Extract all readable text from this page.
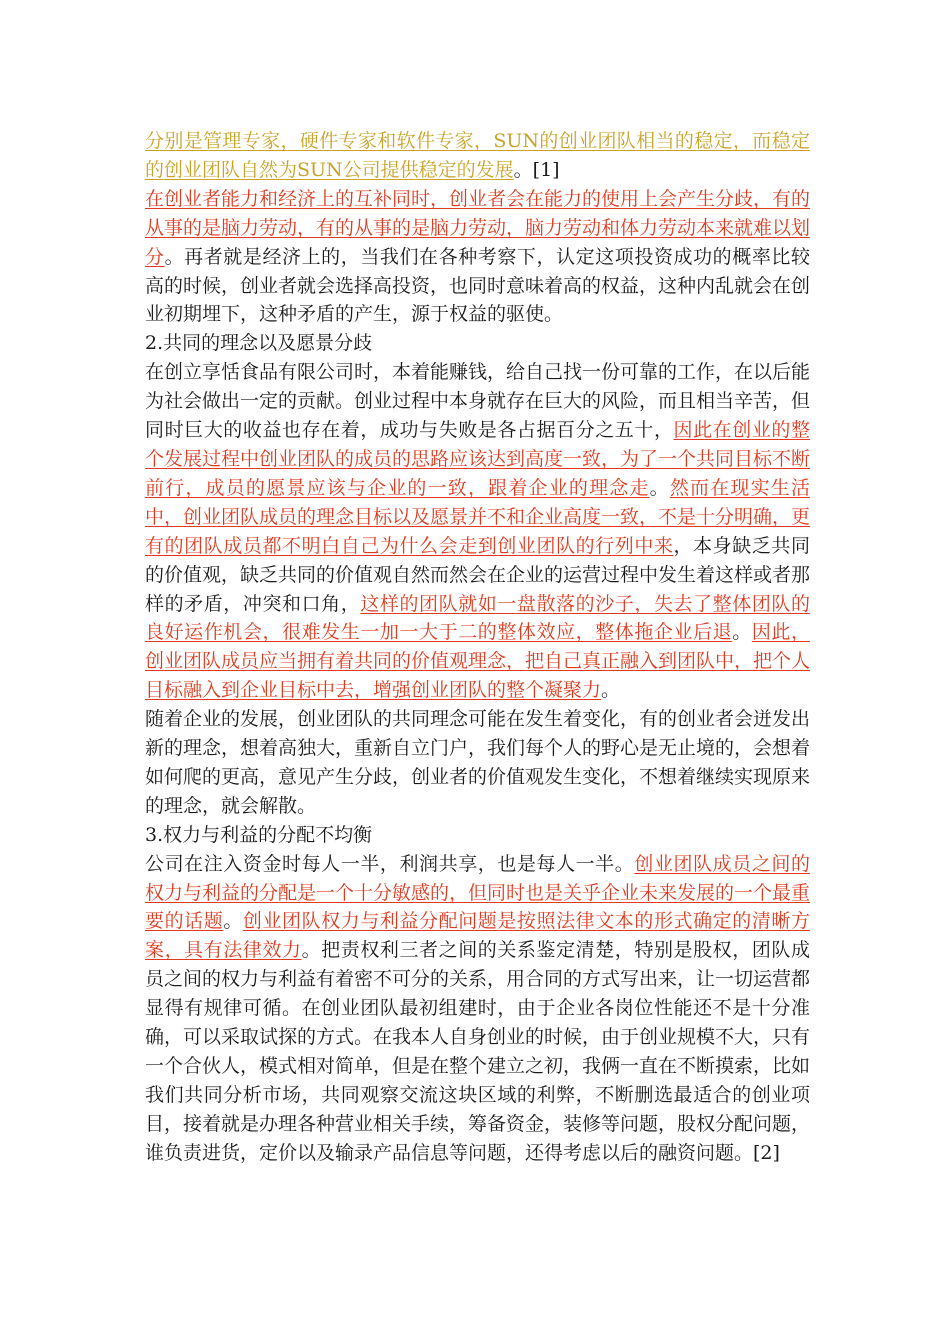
分别是管理专家，硬件专家和软件专家，SUN的创业团队相当的稳定，而稳定的创业团队自然为SUN公司提供稳定的发展。[1]

在创业者能力和经济上的互补同时，创业者会在能力的使用上会产生分歧，有的从事的是脑力劳动，有的从事的是脑力劳动，脑力劳动和体力劳动本来就难以划分。再者就是经济上的，当我们在各种考察下，认定这项投资成功的概率比较高的时候，创业者就会选择高投资，也同时意味着高的权益，这种内乱就会在创业初期埋下，这种矛盾的产生，源于权益的驱使。

2.共同的理念以及愿景分歧

在创立享恬食品有限公司时，本着能赚钱，给自己找一份可靠的工作，在以后能为社会做出一定的贡献。创业过程中本身就存在巨大的风险，而且相当辛苦，但同时巨大的收益也存在着，成功与失败是各占据百分之五十，因此在创业的整个发展过程中创业团队的成员的思路应该达到高度一致，为了一个共同目标不断前行，成员的愿景应该与企业的一致，跟着企业的理念走。然而在现实生活中，创业团队成员的理念目标以及愿景并不和企业高度一致，不是十分明确，更有的团队成员都不明白自己为什么会走到创业团队的行列中来，本身缺乏共同的价值观，缺乏共同的价值观自然而然会在企业的运营过程中发生着这样或者那样的矛盾，冲突和口角，这样的团队就如一盘散落的沙子，失去了整体团队的良好运作机会，很难发生一加一大于二的整体效应，整体拖企业后退。因此，创业团队成员应当拥有着共同的价值观理念，把自己真正融入到团队中，把个人目标融入到企业目标中去，增强创业团队的整个凝聚力。

随着企业的发展，创业团队的共同理念可能在发生着变化，有的创业者会迸发出新的理念，想着高独大，重新自立门户，我们每个人的野心是无止境的，会想着如何爬的更高，意见产生分歧，创业者的价值观发生变化，不想着继续实现原来的理念，就会解散。

3.权力与利益的分配不均衡

公司在注入资金时每人一半，利润共享，也是每人一半。创业团队成员之间的权力与利益的分配是一个十分敏感的，但同时也是关乎企业未来发展的一个最重要的话题。创业团队权力与利益分配问题是按照法律文本的形式确定的清晰方案，具有法律效力。把责权利三者之间的关系鉴定清楚，特别是股权，团队成员之间的权力与利益有着密不可分的关系，用合同的方式写出来，让一切运营都显得有规律可循。在创业团队最初组建时，由于企业各岗位性能还不是十分准确，可以采取试探的方式。在我本人自身创业的时候，由于创业规模不大，只有一个合伙人，模式相对简单，但是在整个建立之初，我俩一直在不断摸索，比如我们共同分析市场，共同观察交流这块区域的利弊，不断删选最适合的创业项目，接着就是办理各种营业相关手续，筹备资金，装修等问题，股权分配问题，谁负责进货，定价以及输录产品信息等问题，还得考虑以后的融资问题。[2]
